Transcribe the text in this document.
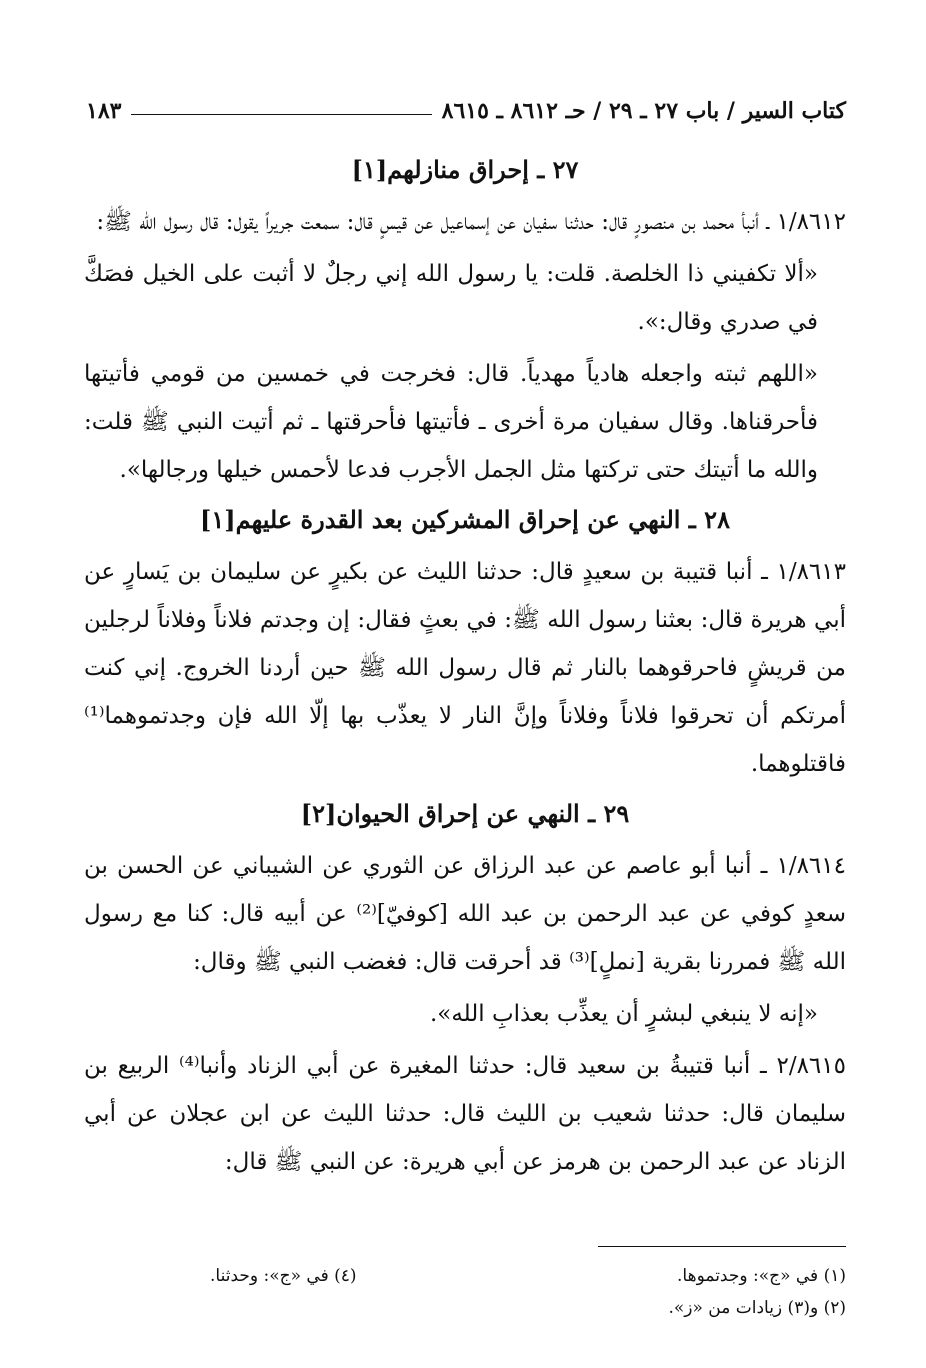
كتاب السير / باب ٢٧ ـ ٢٩ / حـ ٨٦١٢ ـ ٨٦١٥
١٨٣
٢٧ ـ إحراق منازلهم[١]

١/٨٦١٢ ـ أنبأ محمد بن منصورٍ قال: حدثنا سفيان عن إسماعيل عن قيسٍ قال: سمعت جريراً يقول: قال رسول الله ﷺ:

«ألا تكفيني ذا الخلصة. قلت: يا رسول الله إني رجلٌ لا أثبت على الخيل فصَكَّ في صدري وقال:».

«اللهم ثبته واجعله هادياً مهدياً. قال: فخرجت في خمسين من قومي فأتيتها فأحرقناها. وقال سفيان مرة أخرى ـ فأتيتها فأحرقتها ـ ثم أتيت النبي ﷺ قلت: والله ما أتيتك حتى تركتها مثل الجمل الأجرب فدعا لأحمس خيلها ورجالها».

٢٨ ـ النهي عن إحراق المشركين بعد القدرة عليهم[١]

١/٨٦١٣ ـ أنبا قتيبة بن سعيدٍ قال: حدثنا الليث عن بكيرٍ عن سليمان بن يَسارٍ عن أبي هريرة قال: بعثنا رسول الله ﷺ: في بعثٍ فقال: إن وجدتم فلاناً وفلاناً لرجلين من قريشٍ فاحرقوهما بالنار ثم قال رسول الله ﷺ حين أردنا الخروج. إني كنت أمرتكم أن تحرقوا فلاناً وفلاناً وإنَّ النار لا يعذّب بها إلّا الله فإن وجدتموهما⁽¹⁾ فاقتلوهما.

٢٩ ـ النهي عن إحراق الحيوان[٢]

١/٨٦١٤ ـ أنبا أبو عاصم عن عبد الرزاق عن الثوري عن الشيباني عن الحسن بن سعدٍ كوفي عن عبد الرحمن بن عبد الله [كوفيّ]⁽²⁾ عن أبيه قال: كنا مع رسول الله ﷺ فمررنا بقرية [نملٍ]⁽³⁾ قد أحرقت قال: فغضب النبي ﷺ وقال:

«إنه لا ينبغي لبشرٍ أن يعذِّب بعذابِ الله».

٢/٨٦١٥ ـ أنبا قتيبةُ بن سعيد قال: حدثنا المغيرة عن أبي الزناد وأنبا⁽⁴⁾ الربيع بن سليمان قال: حدثنا شعيب بن الليث قال: حدثنا الليث عن ابن عجلان عن أبي الزناد عن عبد الرحمن بن هرمز عن أبي هريرة: عن النبي ﷺ قال:

(١) في «ج»: وجدتموها.
(٤) في «ج»: وحدثنا.
(٢) و(٣) زيادات من «ز».
